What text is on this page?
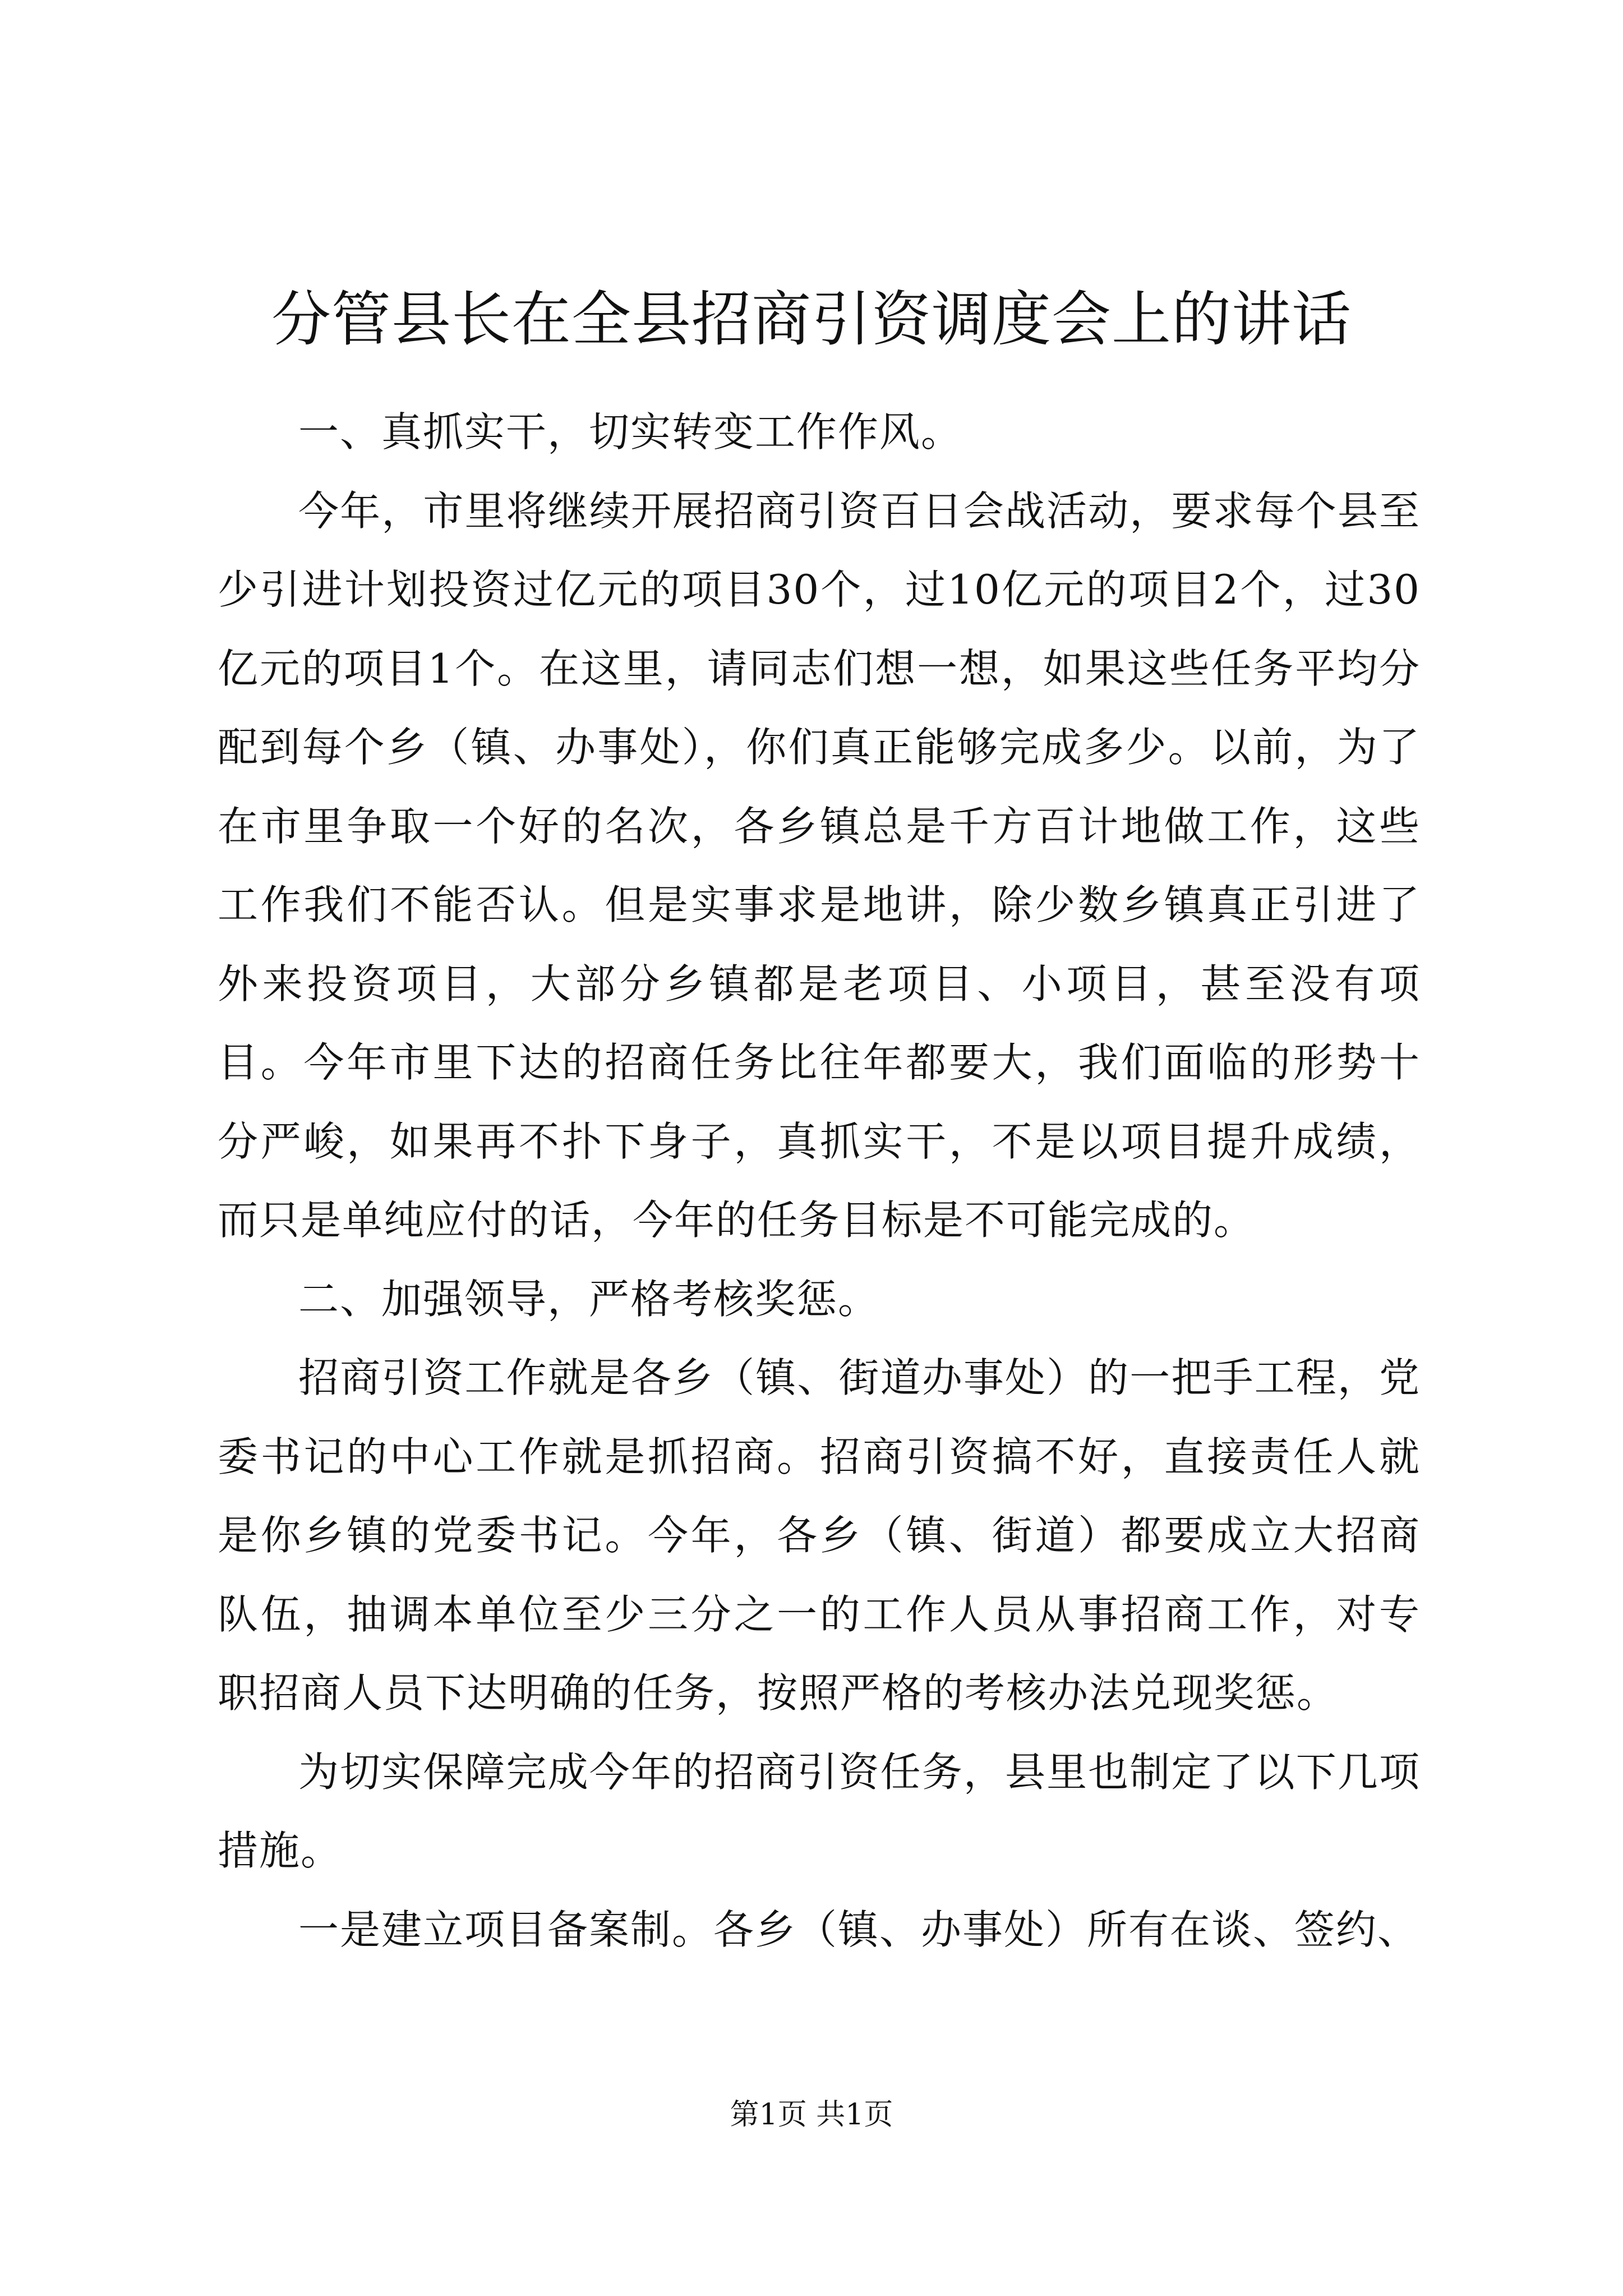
分管县长在全县招商引资调度会上的讲话

一、真抓实干，切实转变工作作风。

今年，市里将继续开展招商引资百日会战活动，要求每个县至少引进计划投资过亿元的项目30个，过10亿元的项目2个，过30亿元的项目1个。在这里，请同志们想一想，如果这些任务平均分配到每个乡（镇、办事处），你们真正能够完成多少。以前，为了在市里争取一个好的名次，各乡镇总是千方百计地做工作，这些工作我们不能否认。但是实事求是地讲，除少数乡镇真正引进了外来投资项目，大部分乡镇都是老项目、小项目，甚至没有项目。今年市里下达的招商任务比往年都要大，我们面临的形势十分严峻，如果再不扑下身子，真抓实干，不是以项目提升成绩，而只是单纯应付的话，今年的任务目标是不可能完成的。

二、加强领导，严格考核奖惩。

招商引资工作就是各乡（镇、街道办事处）的一把手工程，党委书记的中心工作就是抓招商。招商引资搞不好，直接责任人就是你乡镇的党委书记。今年，各乡（镇、街道）都要成立大招商队伍，抽调本单位至少三分之一的工作人员从事招商工作，对专职招商人员下达明确的任务，按照严格的考核办法兑现奖惩。

为切实保障完成今年的招商引资任务，县里也制定了以下几项措施。

一是建立项目备案制。各乡（镇、办事处）所有在谈、签约、

第1页 共1页
